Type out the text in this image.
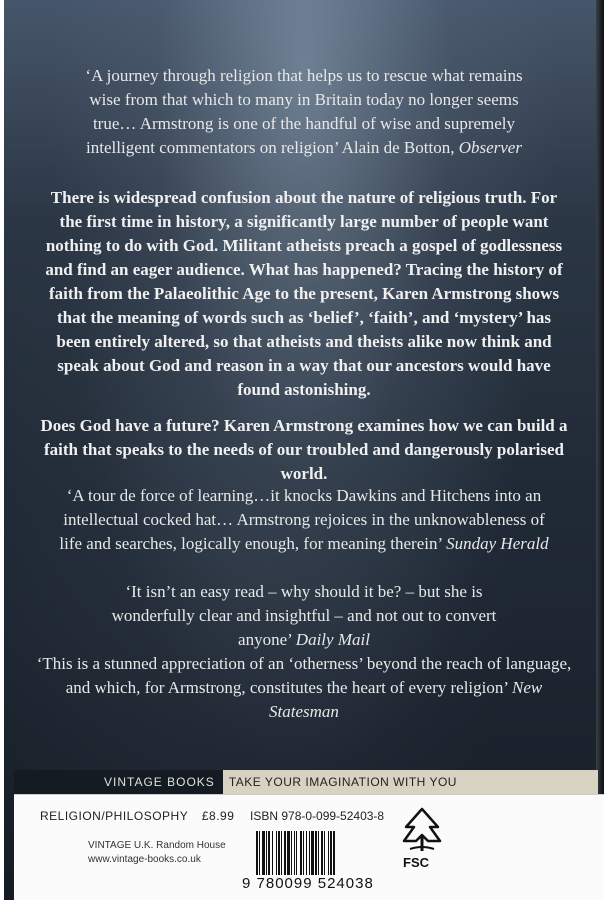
‘A journey through religion that helps us to rescue what remains wise from that which to many in Britain today no longer seems true… Armstrong is one of the handful of wise and supremely intelligent commentators on religion’ Alain de Botton, Observer
There is widespread confusion about the nature of religious truth. For the first time in history, a significantly large number of people want nothing to do with God. Militant atheists preach a gospel of godlessness and find an eager audience. What has happened? Tracing the history of faith from the Palaeolithic Age to the present, Karen Armstrong shows that the meaning of words such as ‘belief’, ‘faith’, and ‘mystery’ has been entirely altered, so that atheists and theists alike now think and speak about God and reason in a way that our ancestors would have found astonishing.
Does God have a future? Karen Armstrong examines how we can build a faith that speaks to the needs of our troubled and dangerously polarised world.
‘A tour de force of learning…it knocks Dawkins and Hitchens into an intellectual cocked hat… Armstrong rejoices in the unknowableness of life and searches, logically enough, for meaning therein’ Sunday Herald
‘It isn’t an easy read – why should it be? – but she is wonderfully clear and insightful – and not out to convert anyone’ Daily Mail
‘This is a stunned appreciation of an ‘otherness’ beyond the reach of language, and which, for Armstrong, constitutes the heart of every religion’ New Statesman
VINTAGE BOOKS	TAKE YOUR IMAGINATION WITH YOU
RELIGION/PHILOSOPHY £8.99
VINTAGE U.K. Random House
www.vintage-books.co.uk
ISBN 978-0-099-52403-8
9 780099 524038
FSC
